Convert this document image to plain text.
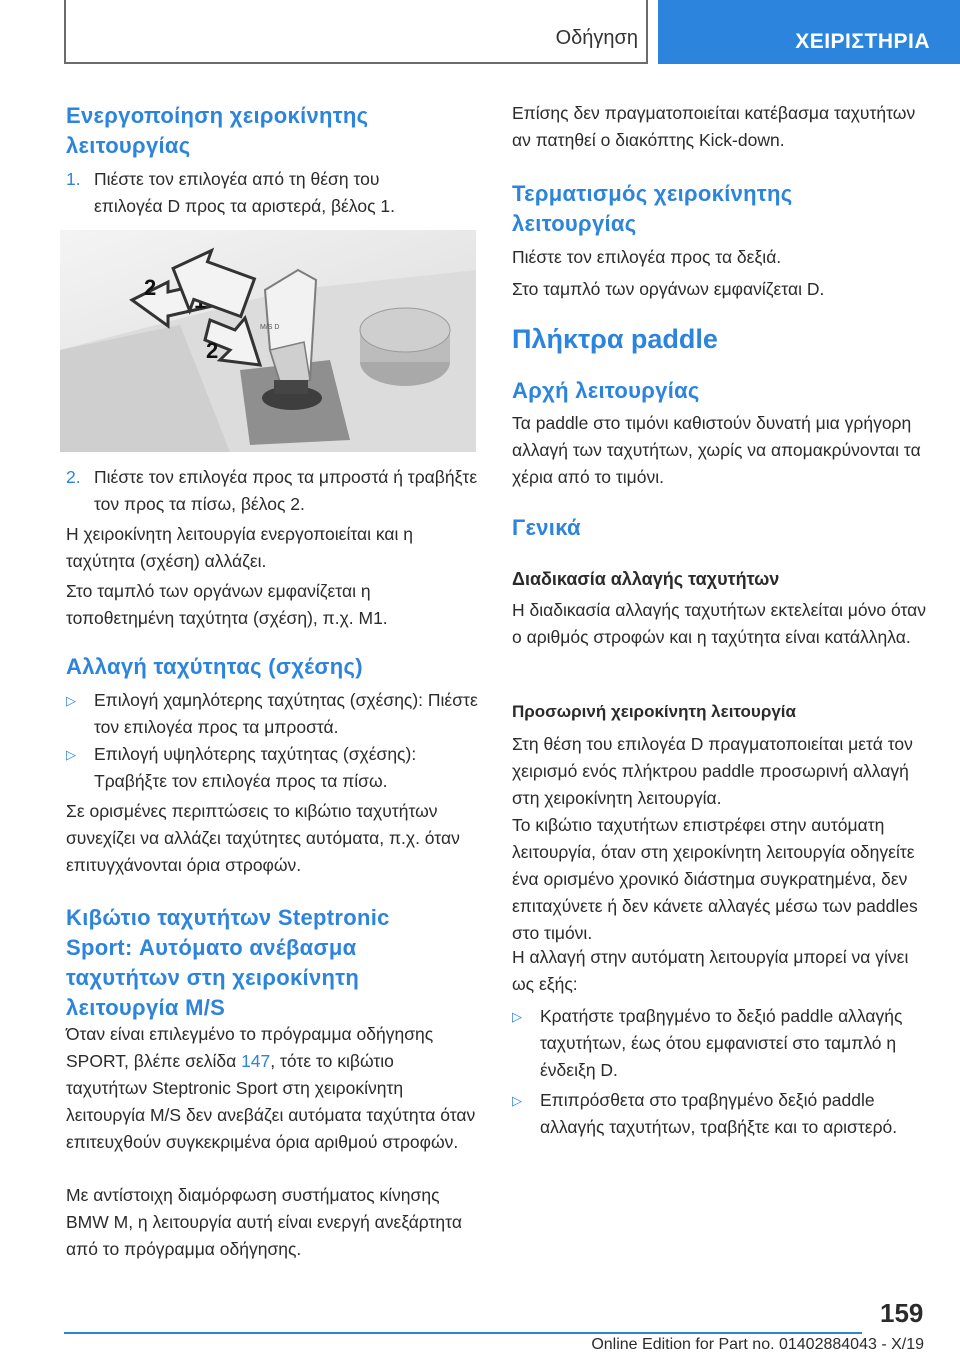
Οδήγηση	ΧΕΙΡΙΣΤΗΡΙΑ
Ενεργοποίηση χειροκίνητης λειτουργίας
1. Πιέστε τον επιλογέα από τη θέση του επιλογέα D προς τα αριστερά, βέλος 1.

M/S D
2
2
2. Πιέστε τον επιλογέα προς τα μπροστά ή τραβήξτε τον προς τα πίσω, βέλος 2.

Η χειροκίνητη λειτουργία ενεργοποιείται και η ταχύτητα (σχέση) αλλάζει.

Στο ταμπλό των οργάνων εμφανίζεται η τοποθετημένη ταχύτητα (σχέση), π.χ. M1.

Αλλαγή ταχύτητας (σχέσης)
▷ Επιλογή χαμηλότερης ταχύτητας (σχέσης): Πιέστε τον επιλογέα προς τα μπροστά.

▷ Επιλογή υψηλότερης ταχύτητας (σχέσης): Τραβήξτε τον επιλογέα προς τα πίσω.

Σε ορισμένες περιπτώσεις το κιβώτιο ταχυτήτων συνεχίζει να αλλάζει ταχύτητες αυτόματα, π.χ. όταν επιτυγχάνονται όρια στροφών.

Κιβώτιο ταχυτήτων Steptronic Sport: Αυτόματο ανέβασμα ταχυτήτων στη χειροκίνητη λειτουργία M/S

Όταν είναι επιλεγμένο το πρόγραμμα οδήγησης SPORT, βλέπε σελίδα 147, τότε το κιβώτιο ταχυτήτων Steptronic Sport στη χειροκίνητη λειτουργία M/S δεν ανεβάζει αυτόματα ταχύτητα όταν επιτευχθούν συγκεκριμένα όρια αριθμού στροφών.

Με αντίστοιχη διαμόρφωση συστήματος κίνησης BMW M, η λειτουργία αυτή είναι ενεργή ανεξάρτητα από το πρόγραμμα οδήγησης.

Επίσης δεν πραγματοποιείται κατέβασμα ταχυτήτων αν πατηθεί ο διακόπτης Kick-down.

Τερματισμός χειροκίνητης λειτουργίας

Πιέστε τον επιλογέα προς τα δεξιά.

Στο ταμπλό των οργάνων εμφανίζεται D.

Πλήκτρα paddle
Αρχή λειτουργίας

Τα paddle στο τιμόνι καθιστούν δυνατή μια γρήγορη αλλαγή των ταχυτήτων, χωρίς να απομακρύνονται τα χέρια από το τιμόνι.

Γενικά
Διαδικασία αλλαγής ταχυτήτων

Η διαδικασία αλλαγής ταχυτήτων εκτελείται μόνο όταν ο αριθμός στροφών και η ταχύτητα είναι κατάλληλα.

Προσωρινή χειροκίνητη λειτουργία

Στη θέση του επιλογέα D πραγματοποιείται μετά τον χειρισμό ενός πλήκτρου paddle προσωρινή αλλαγή στη χειροκίνητη λειτουργία.

Το κιβώτιο ταχυτήτων επιστρέφει στην αυτόματη λειτουργία, όταν στη χειροκίνητη λειτουργία οδηγείτε ένα ορισμένο χρονικό διάστημα συγκρατημένα, δεν επιταχύνετε ή δεν κάνετε αλλαγές μέσω των paddles στο τιμόνι.

Η αλλαγή στην αυτόματη λειτουργία μπορεί να γίνει ως εξής:

▷ Κρατήστε τραβηγμένο το δεξιό paddle αλλαγής ταχυτήτων, έως ότου εμφανιστεί στο ταμπλό η ένδειξη D.

▷ Επιπρόσθετα στο τραβηγμένο δεξιό paddle αλλαγής ταχυτήτων, τραβήξτε και το αριστερό.

159
Online Edition for Part no. 01402884043 - X/19
